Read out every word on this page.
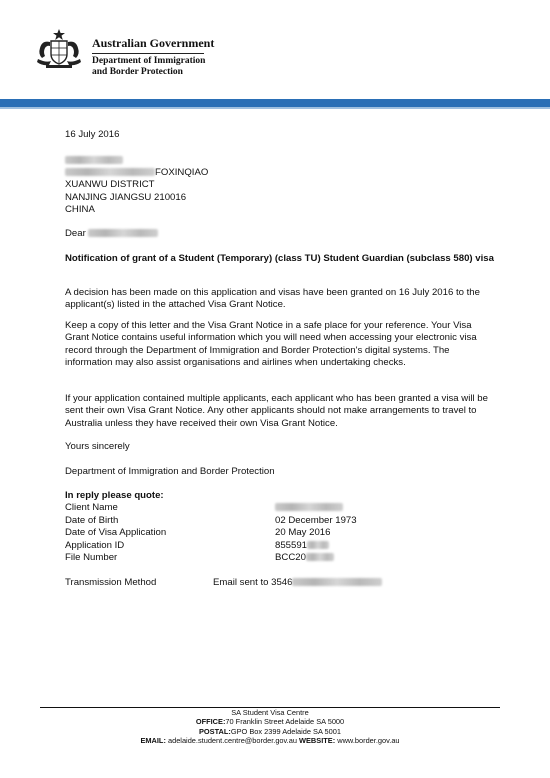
Australian Government
Department of Immigration
and Border Protection
16 July 2016
FOXINQIAO
XUANWU DISTRICT
NANJING JIANGSU 210016
CHINA
Dear
Notification of grant of a Student (Temporary) (class TU) Student Guardian (subclass 580) visa
A decision has been made on this application and visas have been granted on 16 July 2016 to the applicant(s) listed in the attached Visa Grant Notice.
Keep a copy of this letter and the Visa Grant Notice in a safe place for your reference. Your Visa Grant Notice contains useful information which you will need when accessing your electronic visa record through the Department of Immigration and Border Protection's digital systems. The information may also assist organisations and airlines when undertaking checks.
If your application contained multiple applicants, each applicant who has been granted a visa will be sent their own Visa Grant Notice. Any other applicants should not make arrangements to travel to Australia unless they have received their own Visa Grant Notice.
Yours sincerely
Department of Immigration and Border Protection
In reply please quote:
Client Name
Date of Birth	02 December 1973
Date of Visa Application	20 May 2016
Application ID	855591
File Number	BCC20
Transmission Method	Email sent to 3546
SA Student Visa Centre
OFFICE:70 Franklin Street Adelaide SA 5000
POSTAL:GPO Box 2399 Adelaide SA 5001
EMAIL: adelaide.student.centre@border.gov.au WEBSITE: www.border.gov.au
